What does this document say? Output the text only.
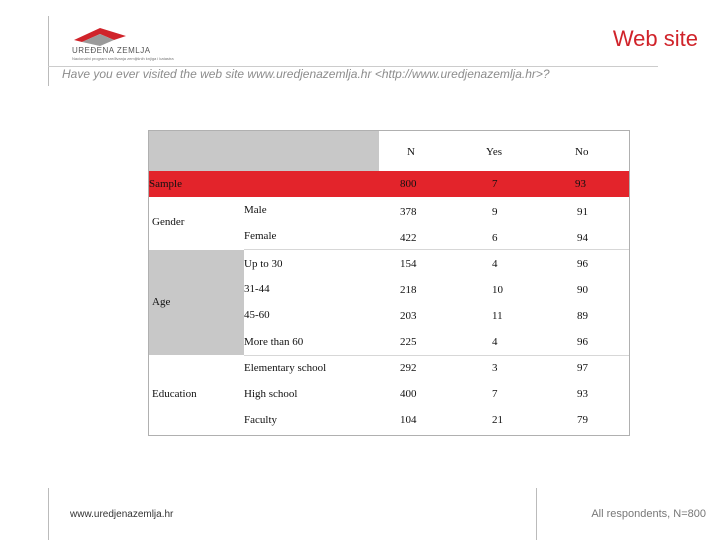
UREĐENA ZEMLJA
Nacionalni program sređivanja zemljišnih knjiga i katastra
Web site
Have you ever visited the web site www.uredjenazemlja.hr <http://www.uredjenazemlja.hr>?
N	Yes	No
Sample	800	7	93
Gender
Male	378	9	91
Female	422	6	94
Age
Up to 30	154	4	96
31-44	218	10	90
45-60	203	11	89
More than 60	225	4	96
Education
Elementary school	292	3	97
High school	400	7	93
Faculty	104	21	79
www.uredjenazemlja.hr	All respondents, N=800
